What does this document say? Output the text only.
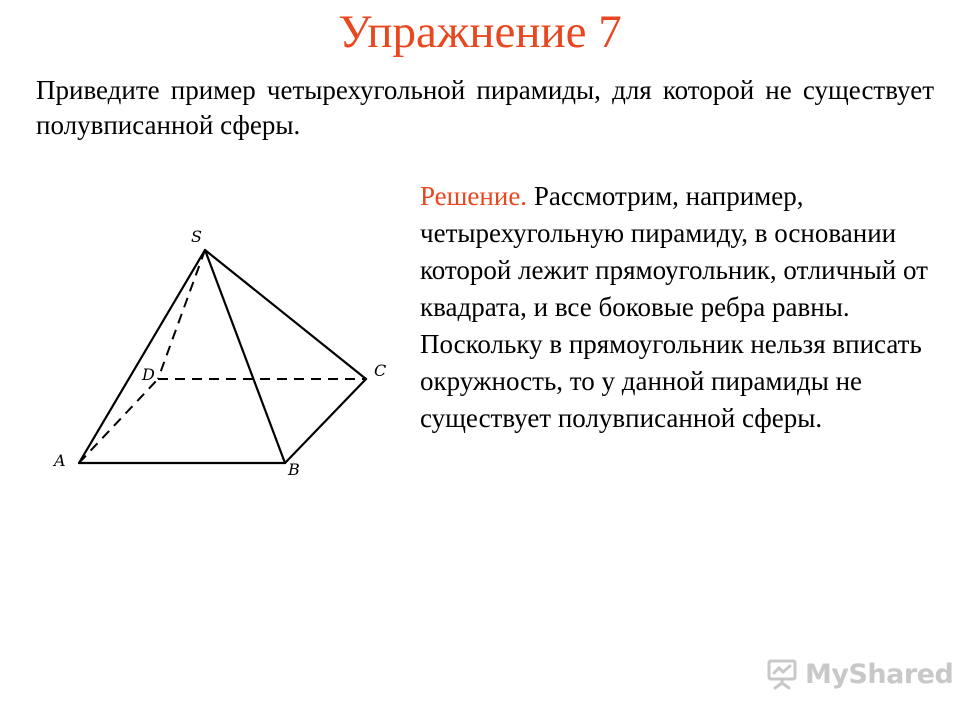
Упражнение 7
Приведите пример четырехугольной пирамиды, для которой не существует полувписанной сферы.
S
A	B
C
D
Решение. Рассмотрим, например, четырехугольную пирамиду, в основании которой лежит прямоугольник, отличный от квадрата, и все боковые ребра равны. Поскольку в прямоугольник нельзя вписать окружность, то у данной пирамиды не существует полувписанной сферы.
MyShared
